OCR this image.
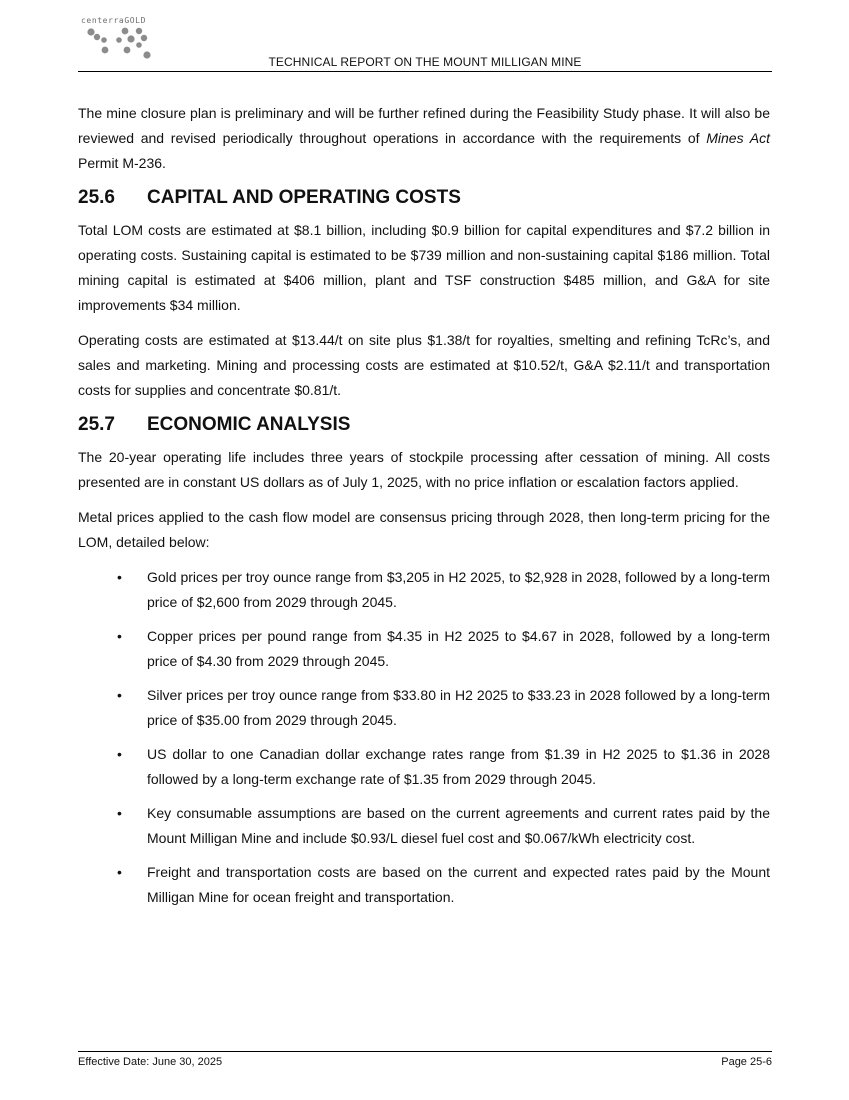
centerraGOLD
TECHNICAL REPORT ON THE MOUNT MILLIGAN MINE

The mine closure plan is preliminary and will be further refined during the Feasibility Study phase. It will also be reviewed and revised periodically throughout operations in accordance with the requirements of Mines Act Permit M-236.

25.6	CAPITAL AND OPERATING COSTS

Total LOM costs are estimated at $8.1 billion, including $0.9 billion for capital expenditures and $7.2 billion in operating costs. Sustaining capital is estimated to be $739 million and non-sustaining capital $186 million. Total mining capital is estimated at $406 million, plant and TSF construction $485 million, and G&A for site improvements $34 million.

Operating costs are estimated at $13.44/t on site plus $1.38/t for royalties, smelting and refining TcRc’s, and sales and marketing. Mining and processing costs are estimated at $10.52/t, G&A $2.11/t and transportation costs for supplies and concentrate $0.81/t.

25.7	ECONOMIC ANALYSIS

The 20-year operating life includes three years of stockpile processing after cessation of mining. All costs presented are in constant US dollars as of July 1, 2025, with no price inflation or escalation factors applied.

Metal prices applied to the cash flow model are consensus pricing through 2028, then long-term pricing for the LOM, detailed below:

• Gold prices per troy ounce range from $3,205 in H2 2025, to $2,928 in 2028, followed by a long-term price of $2,600 from 2029 through 2045.
• Copper prices per pound range from $4.35 in H2 2025 to $4.67 in 2028, followed by a long-term price of $4.30 from 2029 through 2045.
• Silver prices per troy ounce range from $33.80 in H2 2025 to $33.23 in 2028 followed by a long-term price of $35.00 from 2029 through 2045.
• US dollar to one Canadian dollar exchange rates range from $1.39 in H2 2025 to $1.36 in 2028 followed by a long-term exchange rate of $1.35 from 2029 through 2045.
• Key consumable assumptions are based on the current agreements and current rates paid by the Mount Milligan Mine and include $0.93/L diesel fuel cost and $0.067/kWh electricity cost.
• Freight and transportation costs are based on the current and expected rates paid by the Mount Milligan Mine for ocean freight and transportation.
Effective Date: June 30, 2025	Page 25-6
